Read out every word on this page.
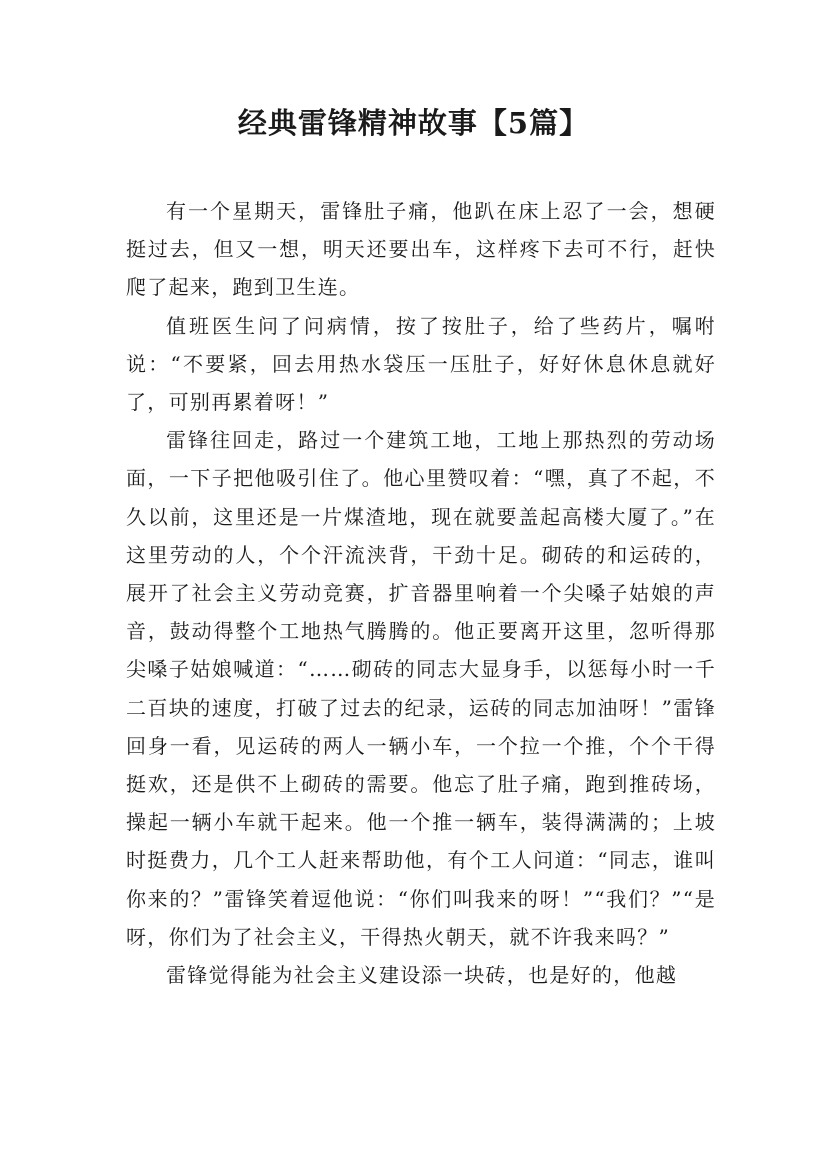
经典雷锋精神故事【5篇】

有一个星期天，雷锋肚子痛，他趴在床上忍了一会，想硬挺过去，但又一想，明天还要出车，这样疼下去可不行，赶快爬了起来，跑到卫生连。

值班医生问了问病情，按了按肚子，给了些药片，嘱咐说：“不要紧，回去用热水袋压一压肚子，好好休息休息就好了，可别再累着呀！”

雷锋往回走，路过一个建筑工地，工地上那热烈的劳动场面，一下子把他吸引住了。他心里赞叹着：“嘿，真了不起，不久以前，这里还是一片煤渣地，现在就要盖起高楼大厦了。”在这里劳动的人，个个汗流浃背，干劲十足。砌砖的和运砖的，展开了社会主义劳动竞赛，扩音器里响着一个尖嗓子姑娘的声音，鼓动得整个工地热气腾腾的。他正要离开这里，忽听得那尖嗓子姑娘喊道：“……砌砖的同志大显身手，以惩每小时一千二百块的速度，打破了过去的纪录，运砖的同志加油呀！”雷锋回身一看，见运砖的两人一辆小车，一个拉一个推，个个干得挺欢，还是供不上砌砖的需要。他忘了肚子痛，跑到推砖场，操起一辆小车就干起来。他一个推一辆车，装得满满的；上坡时挺费力，几个工人赶来帮助他，有个工人问道：“同志，谁叫你来的？”雷锋笑着逗他说：“你们叫我来的呀！”“我们？”“是呀，你们为了社会主义，干得热火朝天，就不许我来吗？”

雷锋觉得能为社会主义建设添一块砖，也是好的，他越
